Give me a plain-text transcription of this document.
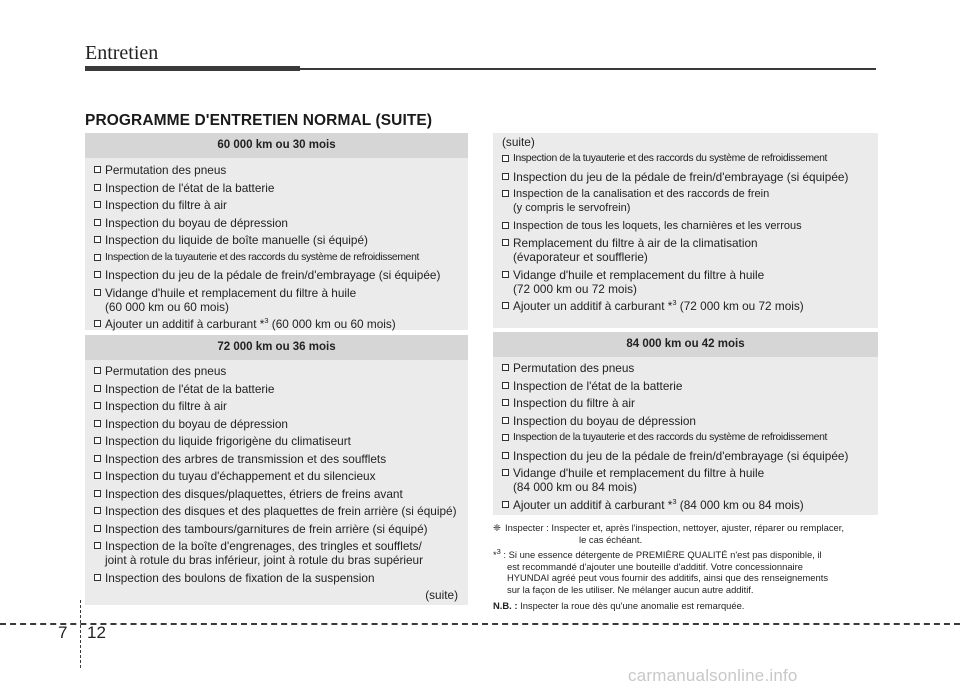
Entretien
PROGRAMME D'ENTRETIEN NORMAL (SUITE)
60 000 km ou 30 mois
Permutation des pneus
Inspection de l'état de la batterie
Inspection du filtre à air
Inspection du boyau de dépression
Inspection du liquide de boîte manuelle (si équipé)
Inspection de la tuyauterie et des raccords du système de refroidissement
Inspection du jeu de la pédale de frein/d'embrayage (si équipée)
Vidange d'huile et remplacement du filtre à huile
(60 000 km ou 60 mois)
Ajouter un additif à carburant *$^3$ (60 000 km ou 60 mois)
72 000 km ou 36 mois
Permutation des pneus
Inspection de l'état de la batterie
Inspection du filtre à air
Inspection du boyau de dépression
Inspection du liquide frigorigène du climatiseurt
Inspection des arbres de transmission et des soufflets
Inspection du tuyau d'échappement et du silencieux
Inspection des disques/plaquettes, étriers de freins avant
Inspection des disques et des plaquettes de frein arrière (si équipé)
Inspection des tambours/garnitures de frein arrière (si équipé)
Inspection de la boîte d'engrenages, des tringles et soufflets/
joint à rotule du bras inférieur, joint à rotule du bras supérieur
Inspection des boulons de fixation de la suspension
(suite)
(suite)
Inspection de la tuyauterie et des raccords du système de refroidissement
Inspection du jeu de la pédale de frein/d'embrayage (si équipée)
Inspection de la canalisation et des raccords de frein
(y compris le servofrein)
Inspection de tous les loquets, les charnières et les verrous
Remplacement du filtre à air de la climatisation
(évaporateur et soufflerie)
Vidange d'huile et remplacement du filtre à huile
(72 000 km ou 72 mois)
Ajouter un additif à carburant *$^3$ (72 000 km ou 72 mois)
84 000 km ou 42 mois
Permutation des pneus
Inspection de l'état de la batterie
Inspection du filtre à air
Inspection du boyau de dépression
Inspection de la tuyauterie et des raccords du système de refroidissement
Inspection du jeu de la pédale de frein/d'embrayage (si équipée)
Vidange d'huile et remplacement du filtre à huile
(84 000 km ou 84 mois)
Ajouter un additif à carburant *$^3$ (84 000 km ou 84 mois)
❈ Inspecter : Inspecter et, après l'inspection, nettoyer, ajuster, réparer ou remplacer,
le cas échéant.
*$^3$ : Si une essence détergente de PREMIÈRE QUALITÉ n'est pas disponible, il
est recommandé d'ajouter une bouteille d'additif. Votre concessionnaire
HYUNDAI agréé peut vous fournir des additifs, ainsi que des renseignements
sur la façon de les utiliser. Ne mélanger aucun autre additif.
N.B. : Inspecter la roue dès qu'une anomalie est remarquée.
7 12
carmanualsonline.info
